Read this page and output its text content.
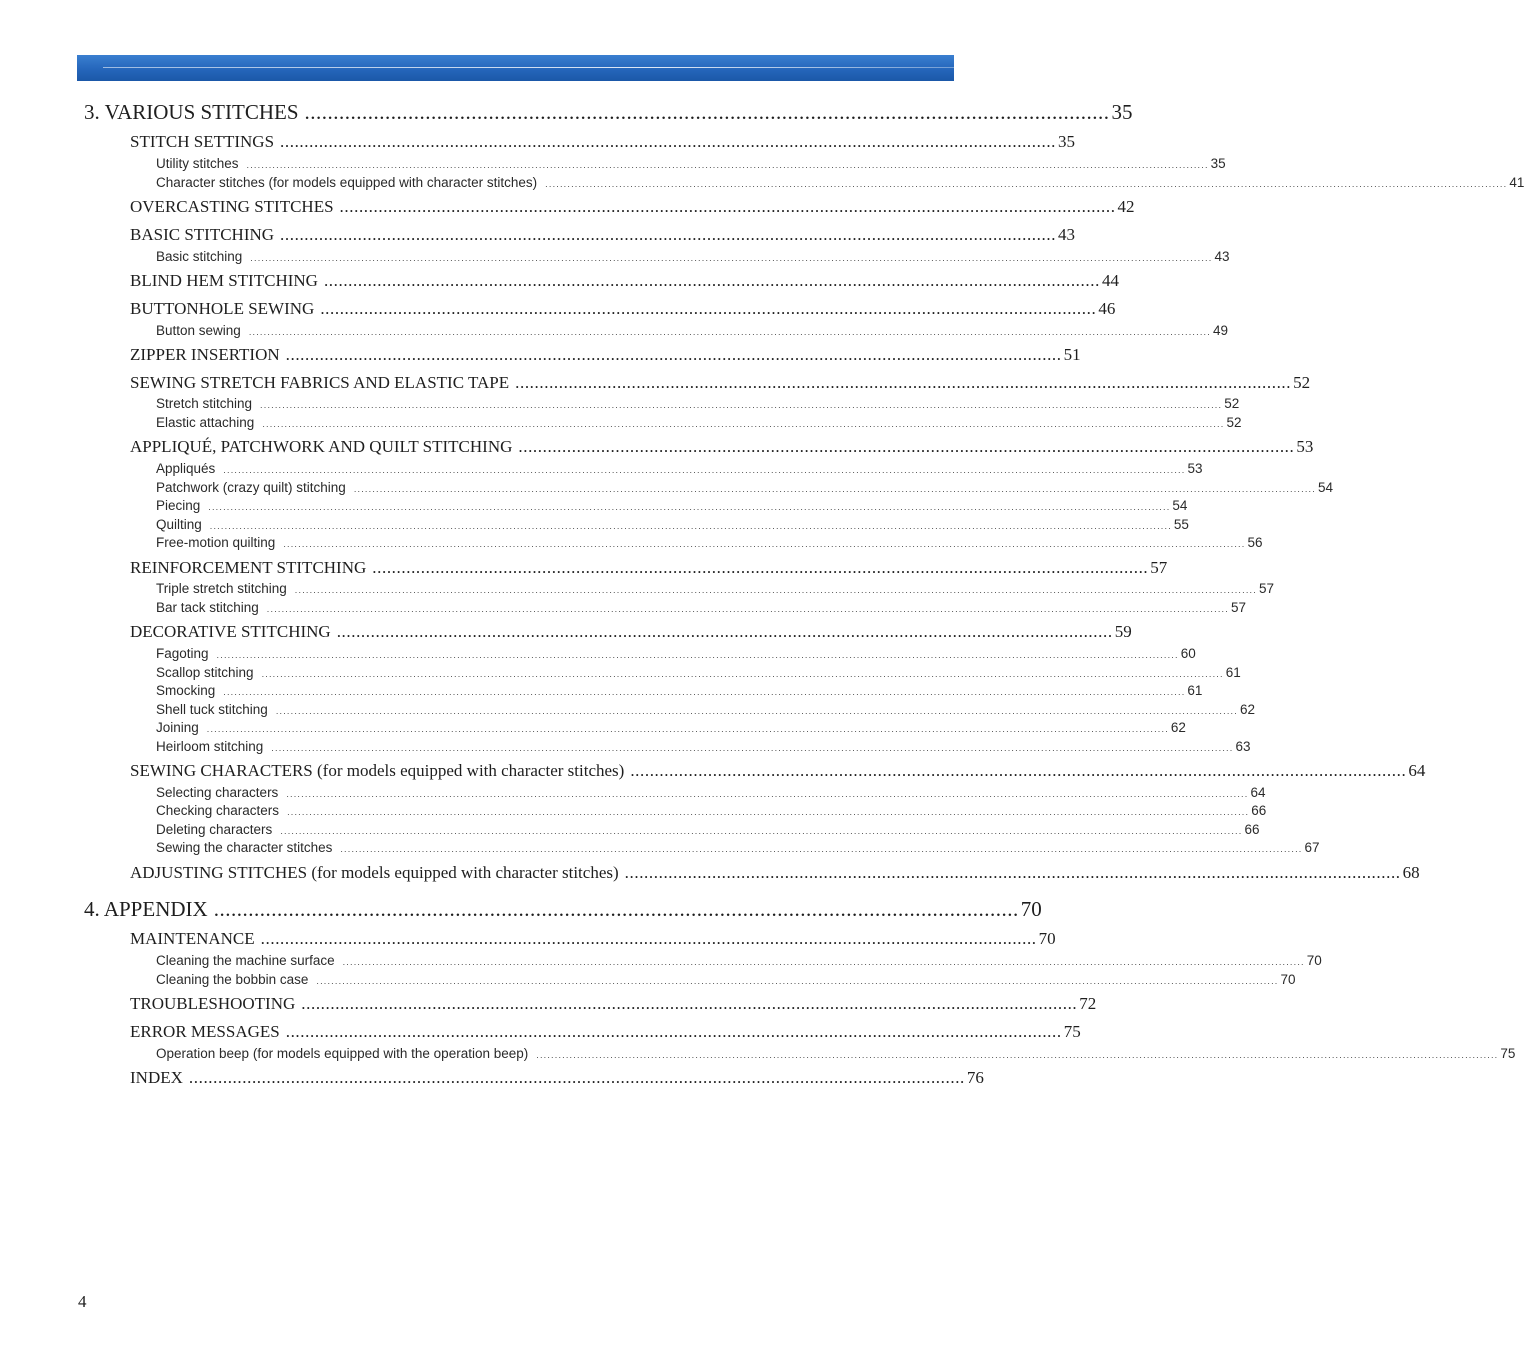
3. VARIOUS STITCHES ............................................................................................................................................ 35
STITCH SETTINGS ................................................................................................................................................................ 35
Utility stitches .................................................................................................................................................................................................................................................................... 35
Character stitches (for models equipped with character stitches) .................................................................................................................................................................................................................................................................... 41
OVERCASTING STITCHES ................................................................................................................................................................ 42
BASIC STITCHING ................................................................................................................................................................ 43
Basic stitching .................................................................................................................................................................................................................................................................... 43
BLIND HEM STITCHING ................................................................................................................................................................ 44
BUTTONHOLE SEWING ................................................................................................................................................................ 46
Button sewing .................................................................................................................................................................................................................................................................... 49
ZIPPER INSERTION ................................................................................................................................................................ 51
SEWING STRETCH FABRICS AND ELASTIC TAPE ................................................................................................................................................................ 52
Stretch stitching .................................................................................................................................................................................................................................................................... 52
Elastic attaching .................................................................................................................................................................................................................................................................... 52
APPLIQUÉ, PATCHWORK AND QUILT STITCHING ................................................................................................................................................................ 53
Appliqués .................................................................................................................................................................................................................................................................... 53
Patchwork (crazy quilt) stitching .................................................................................................................................................................................................................................................................... 54
Piecing .................................................................................................................................................................................................................................................................... 54
Quilting .................................................................................................................................................................................................................................................................... 55
Free-motion quilting .................................................................................................................................................................................................................................................................... 56
REINFORCEMENT STITCHING ................................................................................................................................................................ 57
Triple stretch stitching .................................................................................................................................................................................................................................................................... 57
Bar tack stitching .................................................................................................................................................................................................................................................................... 57
DECORATIVE STITCHING ................................................................................................................................................................ 59
Fagoting .................................................................................................................................................................................................................................................................... 60
Scallop stitching .................................................................................................................................................................................................................................................................... 61
Smocking .................................................................................................................................................................................................................................................................... 61
Shell tuck stitching .................................................................................................................................................................................................................................................................... 62
Joining .................................................................................................................................................................................................................................................................... 62
Heirloom stitching .................................................................................................................................................................................................................................................................... 63
SEWING CHARACTERS (for models equipped with character stitches) ................................................................................................................................................................ 64
Selecting characters .................................................................................................................................................................................................................................................................... 64
Checking characters .................................................................................................................................................................................................................................................................... 66
Deleting characters .................................................................................................................................................................................................................................................................... 66
Sewing the character stitches .................................................................................................................................................................................................................................................................... 67
ADJUSTING STITCHES (for models equipped with character stitches) ................................................................................................................................................................ 68
4. APPENDIX ............................................................................................................................................ 70
MAINTENANCE ................................................................................................................................................................ 70
Cleaning the machine surface .................................................................................................................................................................................................................................................................... 70
Cleaning the bobbin case .................................................................................................................................................................................................................................................................... 70
TROUBLESHOOTING ................................................................................................................................................................ 72
ERROR MESSAGES ................................................................................................................................................................ 75
Operation beep (for models equipped with the operation beep) .................................................................................................................................................................................................................................................................... 75
INDEX ................................................................................................................................................................ 76
4
